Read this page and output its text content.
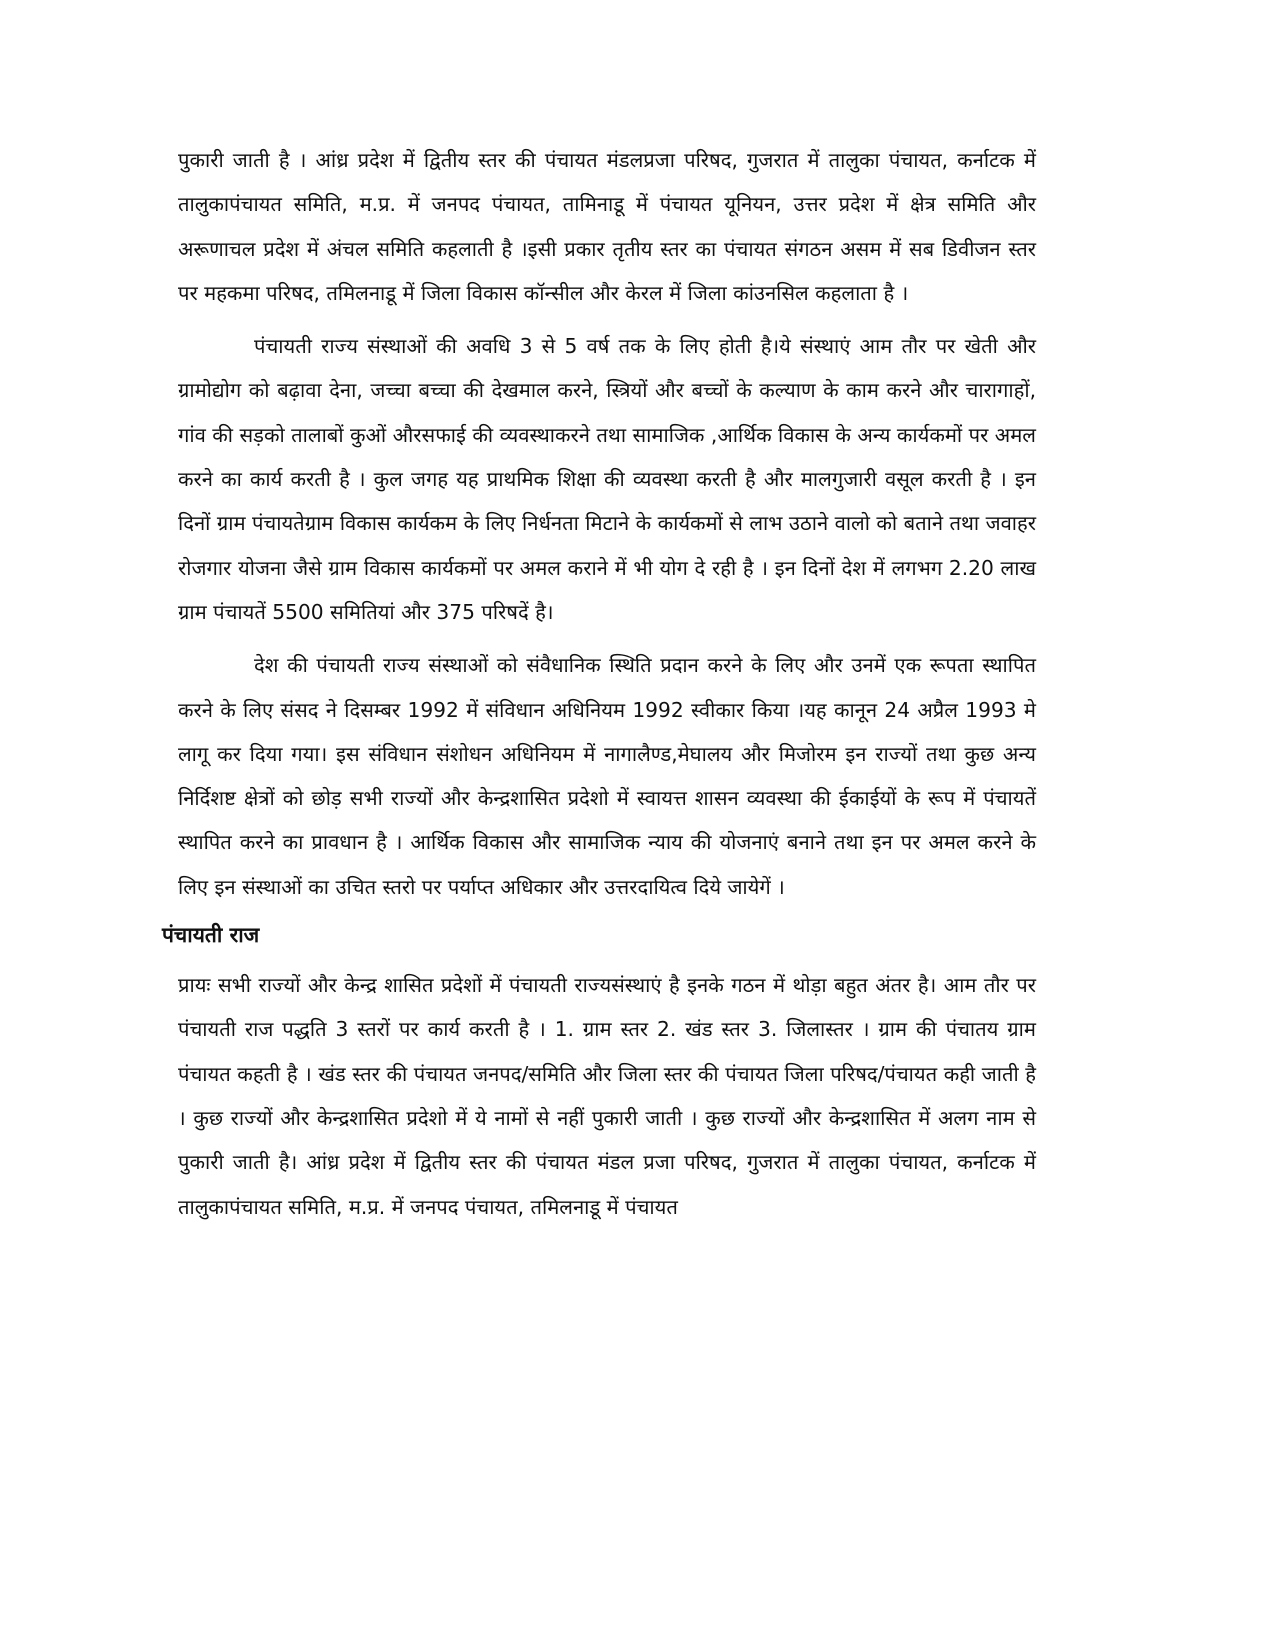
पुकारी जाती है । आंध्र प्रदेश में द्वितीय स्तर की पंचायत मंडलप्रजा परिषद, गुजरात में तालुका पंचायत, कर्नाटक में तालुकापंचायत समिति, म.प्र. में जनपद पंचायत, तामिनाडू में पंचायत यूनियन, उत्तर प्रदेश में क्षेत्र समिति और अरूणाचल प्रदेश में अंचल समिति कहलाती है ।इसी प्रकार तृतीय स्तर का पंचायत संगठन असम में सब डिवीजन स्तर पर महकमा परिषद, तमिलनाडू में जिला विकास कॉन्सील और केरल में जिला कांउनसिल कहलाता है ।

पंचायती राज्य संस्थाओं की अवधि 3 से 5 वर्ष तक के लिए होती है।ये संस्थाएं आम तौर पर खेती और ग्रामोद्योग को बढ़ावा देना, जच्चा बच्चा की देखमाल करने, स्त्रियों और बच्चों के कल्याण के काम करने और चारागाहों, गांव की सड़को तालाबों कुओं औरसफाई की व्यवस्थाकरने तथा सामाजिक ,आर्थिक विकास के अन्य कार्यकमों पर अमल करने का कार्य करती है । कुल जगह यह प्राथमिक शिक्षा की व्यवस्था करती है और मालगुजारी वसूल करती है । इन दिनों ग्राम पंचायतेग्राम विकास कार्यकम के लिए निर्धनता मिटाने के कार्यकमों से लाभ उठाने वालो को बताने तथा जवाहर रोजगार योजना जैसे ग्राम विकास कार्यकमों पर अमल कराने में भी योग दे रही है । इन दिनों देश में लगभग 2.20 लाख ग्राम पंचायतें 5500 समितियां और 375 परिषदें है।

देश की पंचायती राज्य संस्थाओं को संवैधानिक स्थिति प्रदान करने के लिए और उनमें एक रूपता स्थापित करने के लिए संसद ने दिसम्बर 1992 में संविधान अधिनियम 1992 स्वीकार किया ।यह कानून 24 अप्रैल 1993 मे लागू कर दिया गया। इस संविधान संशोधन अधिनियम में नागालैण्ड,मेघालय और मिजोरम इन राज्यों तथा कुछ अन्य निर्दिशष्ट क्षेत्रों को छोड़ सभी राज्यों और केन्द्रशासित प्रदेशो में स्वायत्त शासन व्यवस्था की ईकाईयों के रूप में पंचायतें स्थापित करने का प्रावधान है । आर्थिक विकास और सामाजिक न्याय की योजनाएं बनाने तथा इन पर अमल करने के लिए इन संस्थाओं का उचित स्तरो पर पर्याप्त अधिकार और उत्तरदायित्व दिये जायेगें ।

पंचायती राज

प्रायः सभी राज्यों और केन्द्र शासित प्रदेशों में पंचायती राज्यसंस्थाएं है इनके गठन में थोड़ा बहुत अंतर है। आम तौर पर पंचायती राज पद्धति 3 स्तरों पर कार्य करती है । 1. ग्राम स्तर 2. खंड स्तर 3. जिलास्तर । ग्राम की पंचातय ग्राम पंचायत कहती है । खंड स्तर की पंचायत जनपद/समिति और जिला स्तर की पंचायत जिला परिषद/पंचायत कही जाती है । कुछ राज्यों और केन्द्रशासित प्रदेशो में ये नामों से नहीं पुकारी जाती । कुछ राज्यों और केन्द्रशासित में अलग नाम से पुकारी जाती है। आंध्र प्रदेश में द्वितीय स्तर की पंचायत मंडल प्रजा परिषद, गुजरात में तालुका पंचायत, कर्नाटक में तालुकापंचायत समिति, म.प्र. में जनपद पंचायत, तमिलनाडू में पंचायत
